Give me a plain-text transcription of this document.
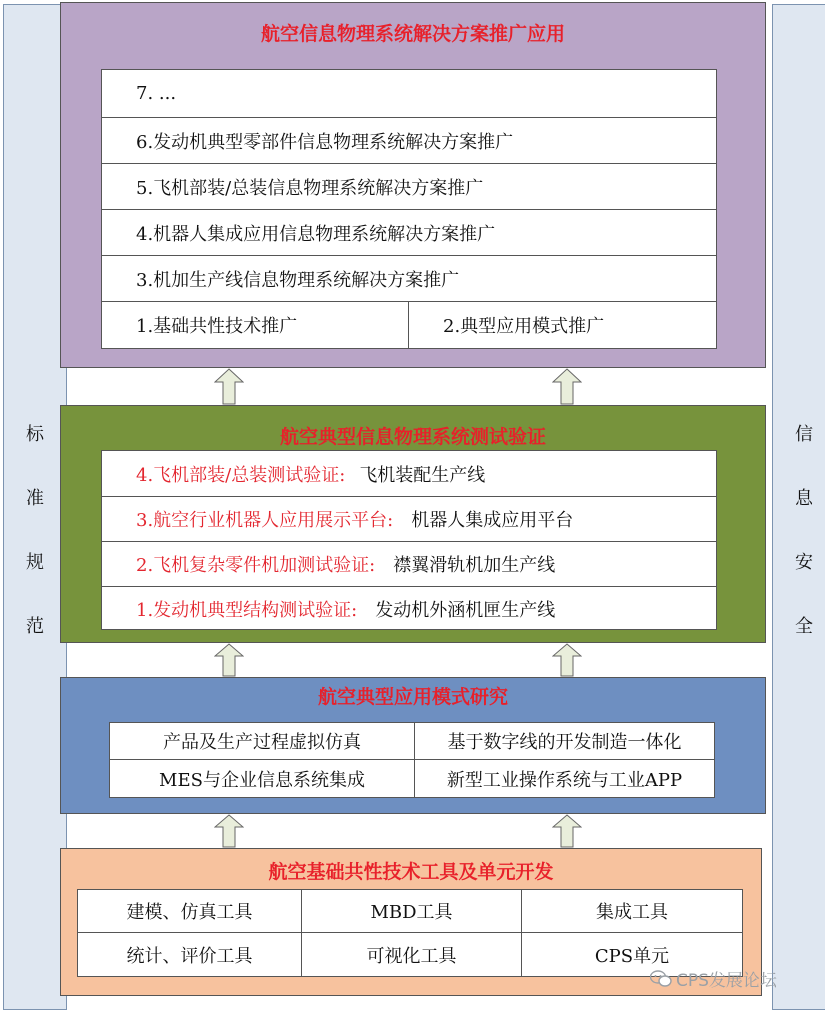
标
准
规
范
信
息
安
全
航空信息物理系统解决方案推广应用
7. ...
6.发动机典型零部件信息物理系统解决方案推广
5.飞机部装/总装信息物理系统解决方案推广
4.机器人集成应用信息物理系统解决方案推广
3.机加生产线信息物理系统解决方案推广
1.基础共性技术推广	2.典型应用模式推广
航空典型信息物理系统测试验证
4.飞机部装/总装测试验证: 飞机装配生产线
3.航空行业机器人应用展示平台: 机器人集成应用平台
2.飞机复杂零件机加测试验证: 襟翼滑轨机加生产线
1.发动机典型结构测试验证: 发动机外涵机匣生产线
航空典型应用模式研究
产品及生产过程虚拟仿真	基于数字线的开发制造一体化
MES与企业信息系统集成	新型工业操作系统与工业APP
航空基础共性技术工具及单元开发
建模、仿真工具	MBD工具	集成工具
统计、评价工具	可视化工具	CPS单元
CPS发展论坛
